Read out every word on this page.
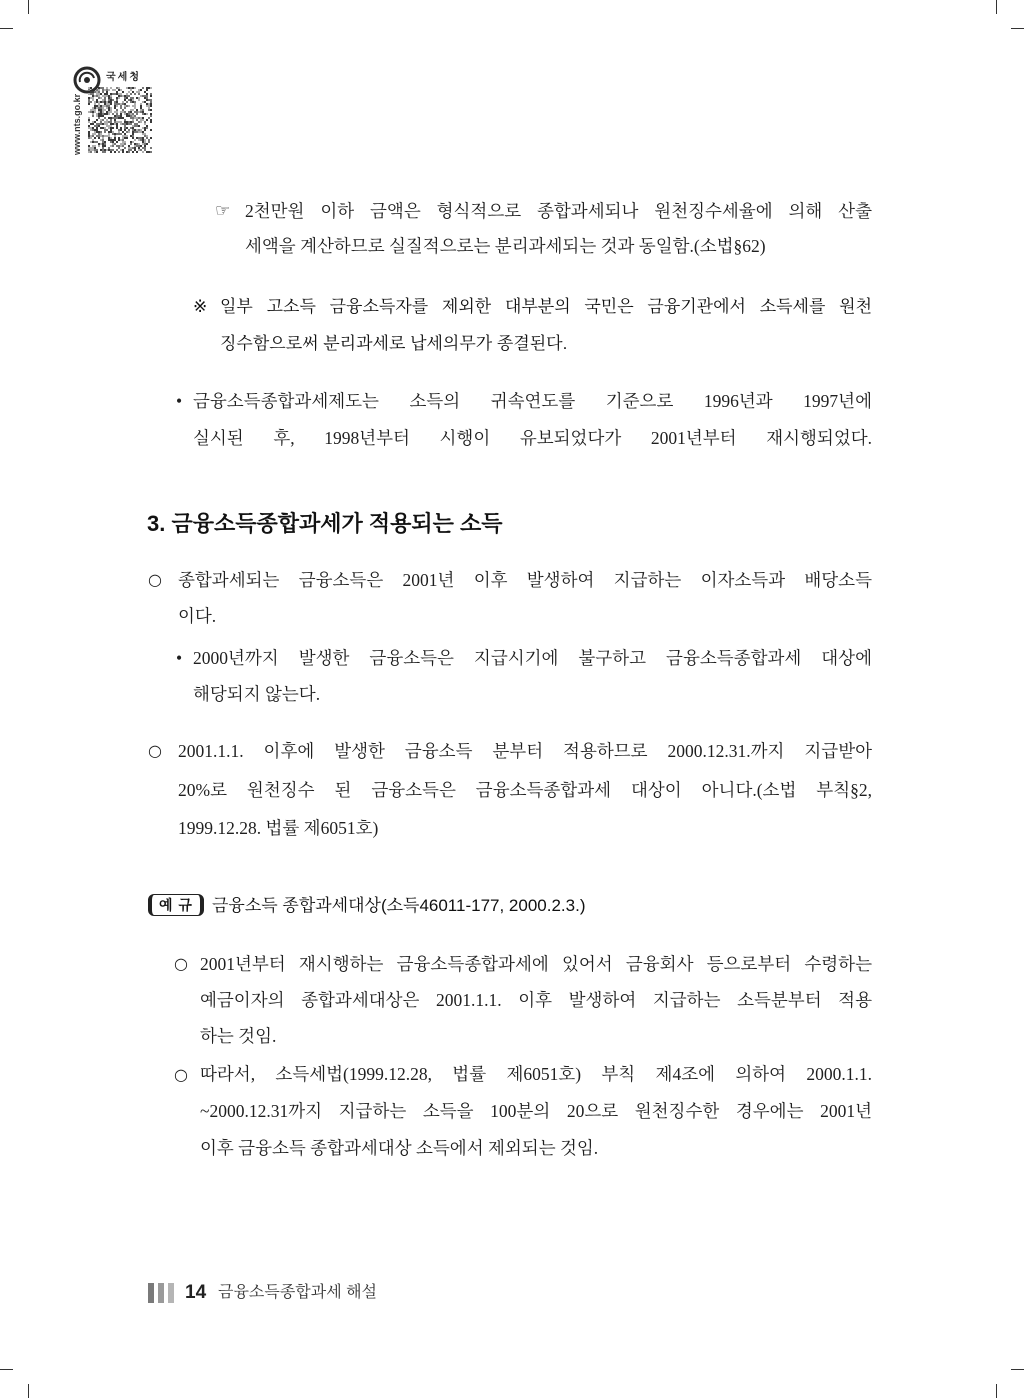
국세청
www.nts.go.kr
☞ 2천만원 이하 금액은 형식적으로 종합과세되나 원천징수세율에 의해 산출
세액을 계산하므로 실질적으로는 분리과세되는 것과 동일함.(소법§62)
※ 일부 고소득 금융소득자를 제외한 대부분의 국민은 금융기관에서 소득세를 원천
징수함으로써 분리과세로 납세의무가 종결된다.
• 금융소득종합과세제도는 소득의 귀속연도를 기준으로 1996년과 1997년에
실시된 후, 1998년부터 시행이 유보되었다가 2001년부터 재시행되었다.
3. 금융소득종합과세가 적용되는 소득
○ 종합과세되는 금융소득은 2001년 이후 발생하여 지급하는 이자소득과 배당소득
이다.
• 2000년까지 발생한 금융소득은 지급시기에 불구하고 금융소득종합과세 대상에
해당되지 않는다.
○ 2001.1.1. 이후에 발생한 금융소득 분부터 적용하므로 2000.12.31.까지 지급받아
20%로 원천징수 된 금융소득은 금융소득종합과세 대상이 아니다.(소법 부칙§2,
1999.12.28. 법률 제6051호)
예 규	금융소득 종합과세대상(소득46011-177, 2000.2.3.)
○ 2001년부터 재시행하는 금융소득종합과세에 있어서 금융회사 등으로부터 수령하는
예금이자의 종합과세대상은 2001.1.1. 이후 발생하여 지급하는 소득분부터 적용
하는 것임.
○ 따라서, 소득세법(1999.12.28, 법률 제6051호) 부칙 제4조에 의하여 2000.1.1.
~2000.12.31까지 지급하는 소득을 100분의 20으로 원천징수한 경우에는 2001년
이후 금융소득 종합과세대상 소득에서 제외되는 것임.
14 금융소득종합과세 해설
